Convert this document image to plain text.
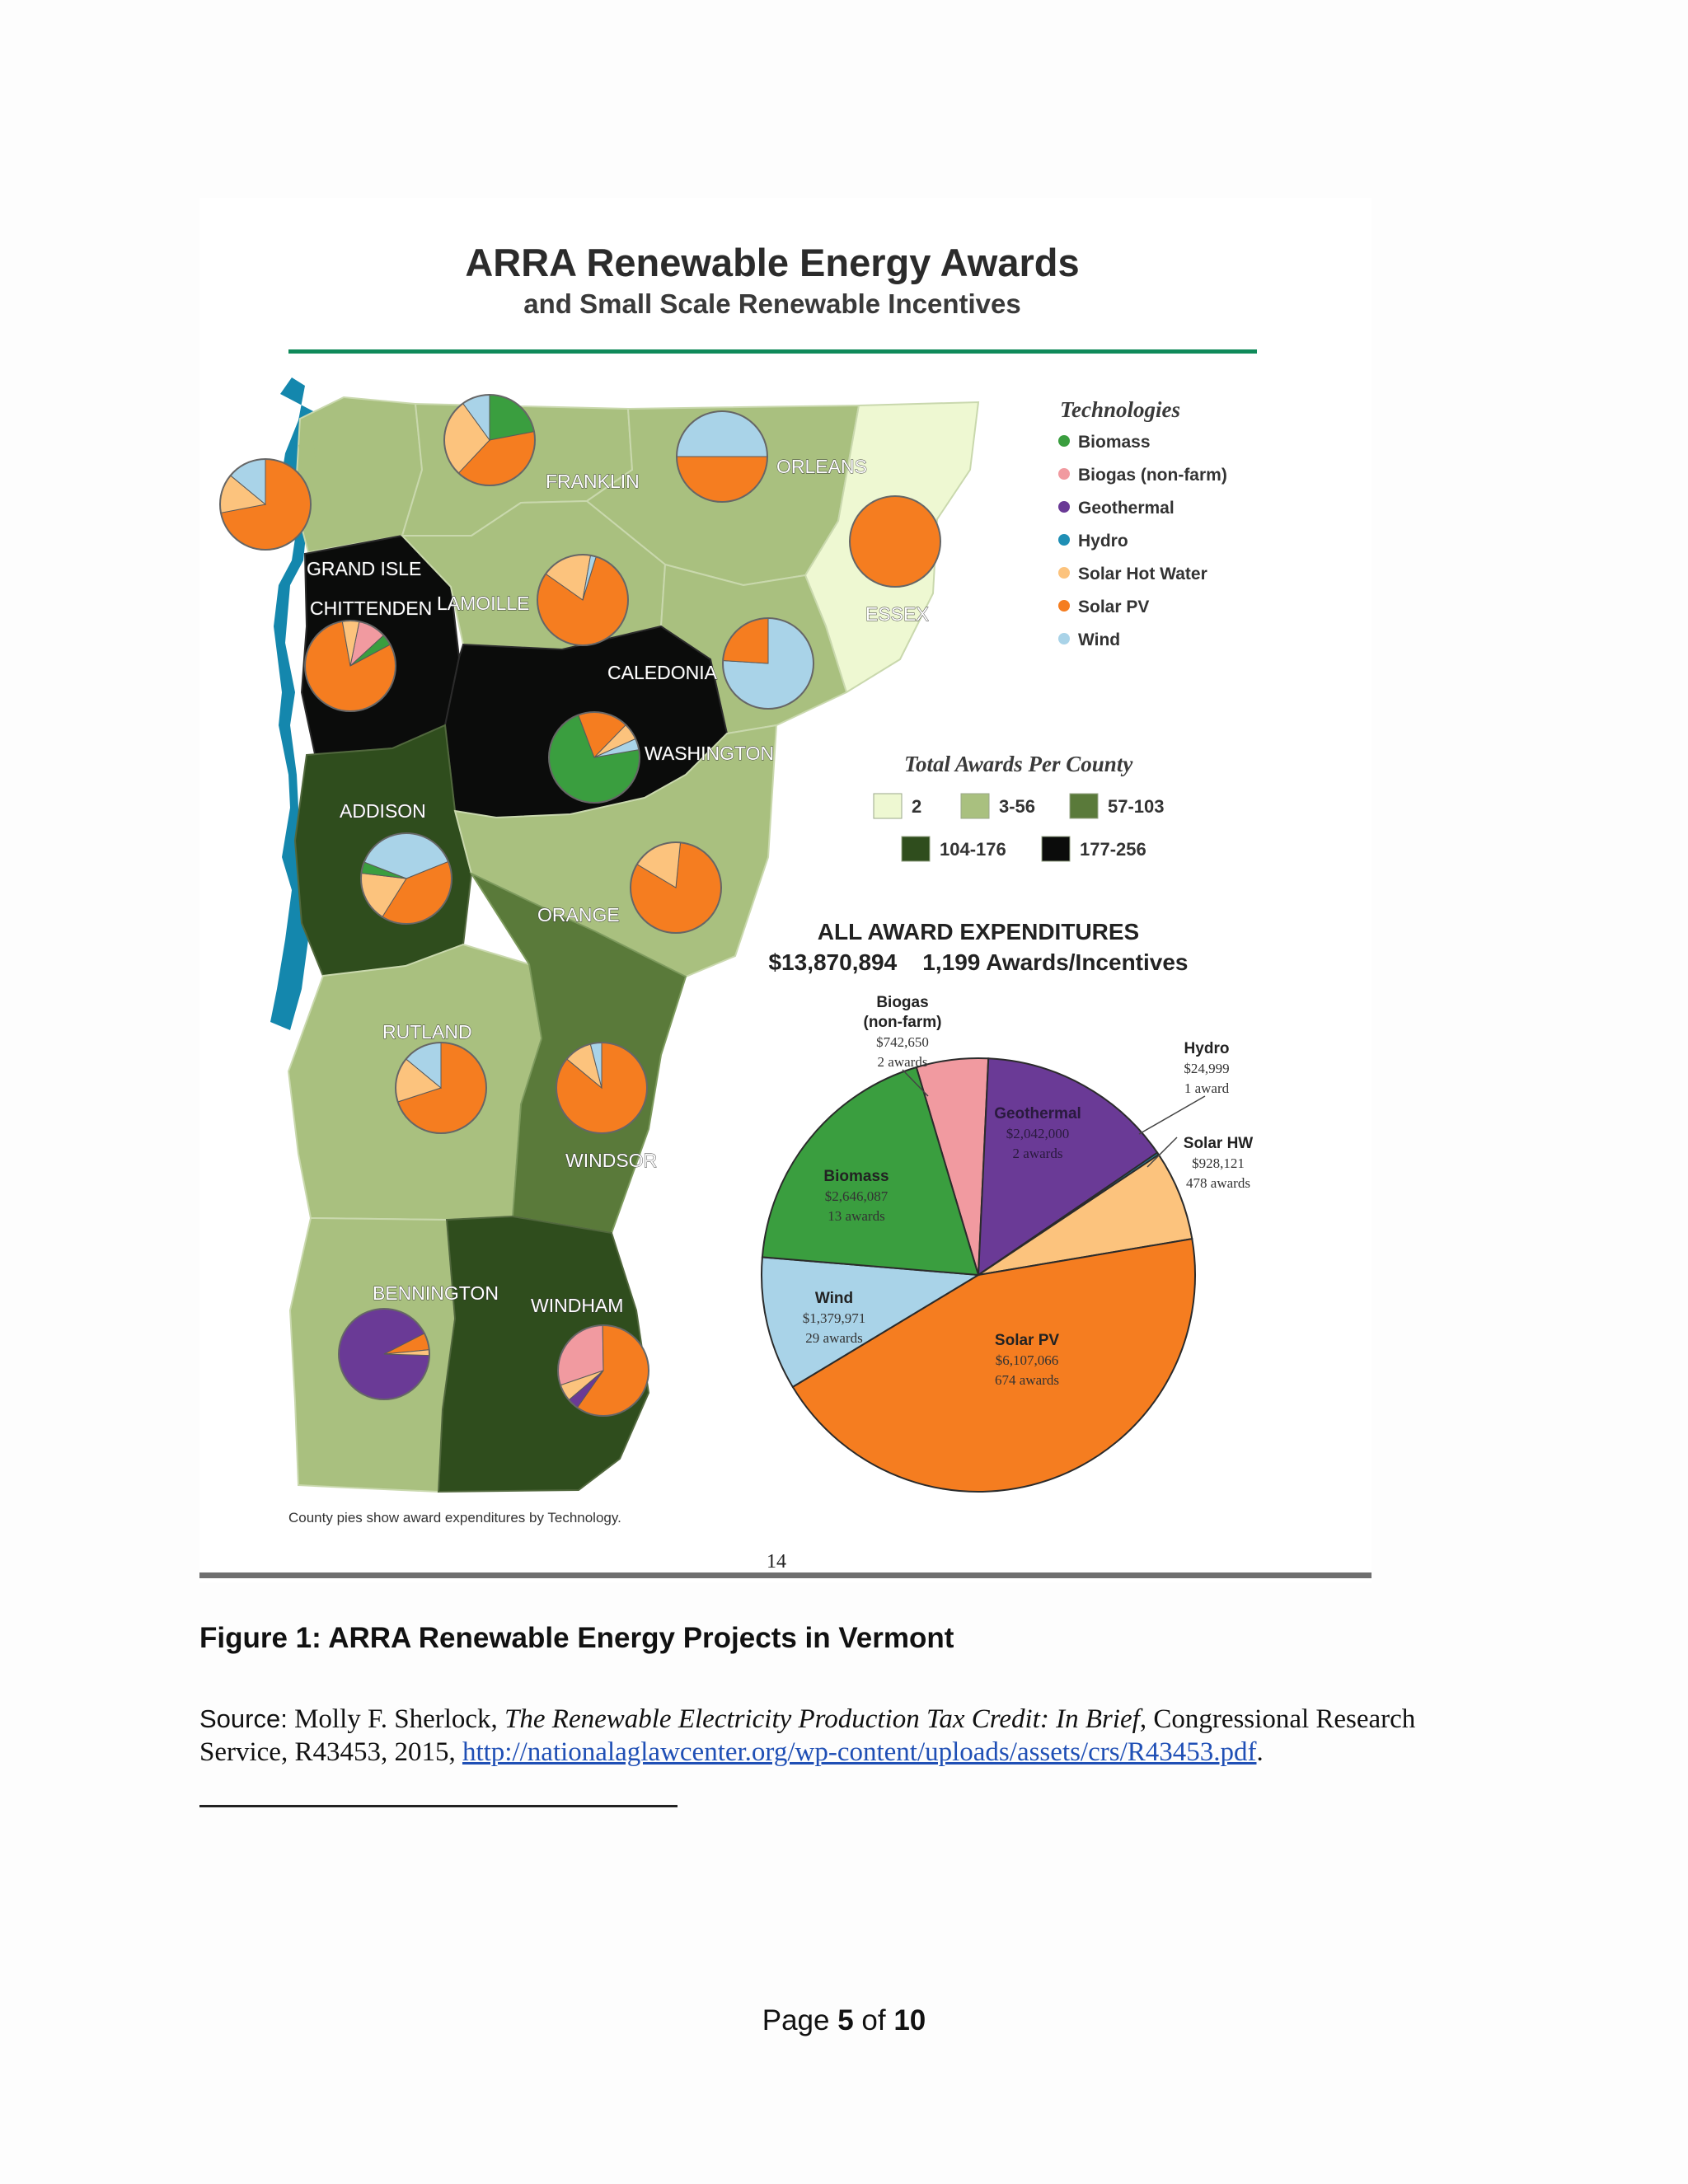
ARRA Renewable Energy Awards
and Small Scale Renewable Incentives
GRAND ISLE
FRANKLIN
ORLEANS
ESSEX
CHITTENDEN LAMOILLE
CALEDONIA
WASHINGTON
ADDISON
ORANGE
RUTLAND
WINDSOR
BENNINGTON
WINDHAM
Technologies
Biomass
Biogas (non-farm)
Geothermal
Hydro
Solar Hot Water
Solar PV
Wind
Total Awards Per County
2	3-56	57-103
104-176	177-256
ALL AWARD EXPENDITURES
$13,870,894    1,199 Awards/Incentives
Biogas
(non-farm)
$742,650
2 awards
Geothermal
$2,042,000
2 awards
Hydro
$24,999
1 award
Solar HW
$928,121
478 awards
Solar PV
$6,107,066
674 awards
Wind
$1,379,971
29 awards
Biomass
$2,646,087
13 awards
County pies show award expenditures by Technology.
14
Figure 1: ARRA Renewable Energy Projects in Vermont
Source: Molly F. Sherlock, The Renewable Electricity Production Tax Credit: In Brief, Congressional Research Service, R43453, 2015, http://nationalaglawcenter.org/wp-content/uploads/assets/crs/R43453.pdf.
Page 5 of 10
